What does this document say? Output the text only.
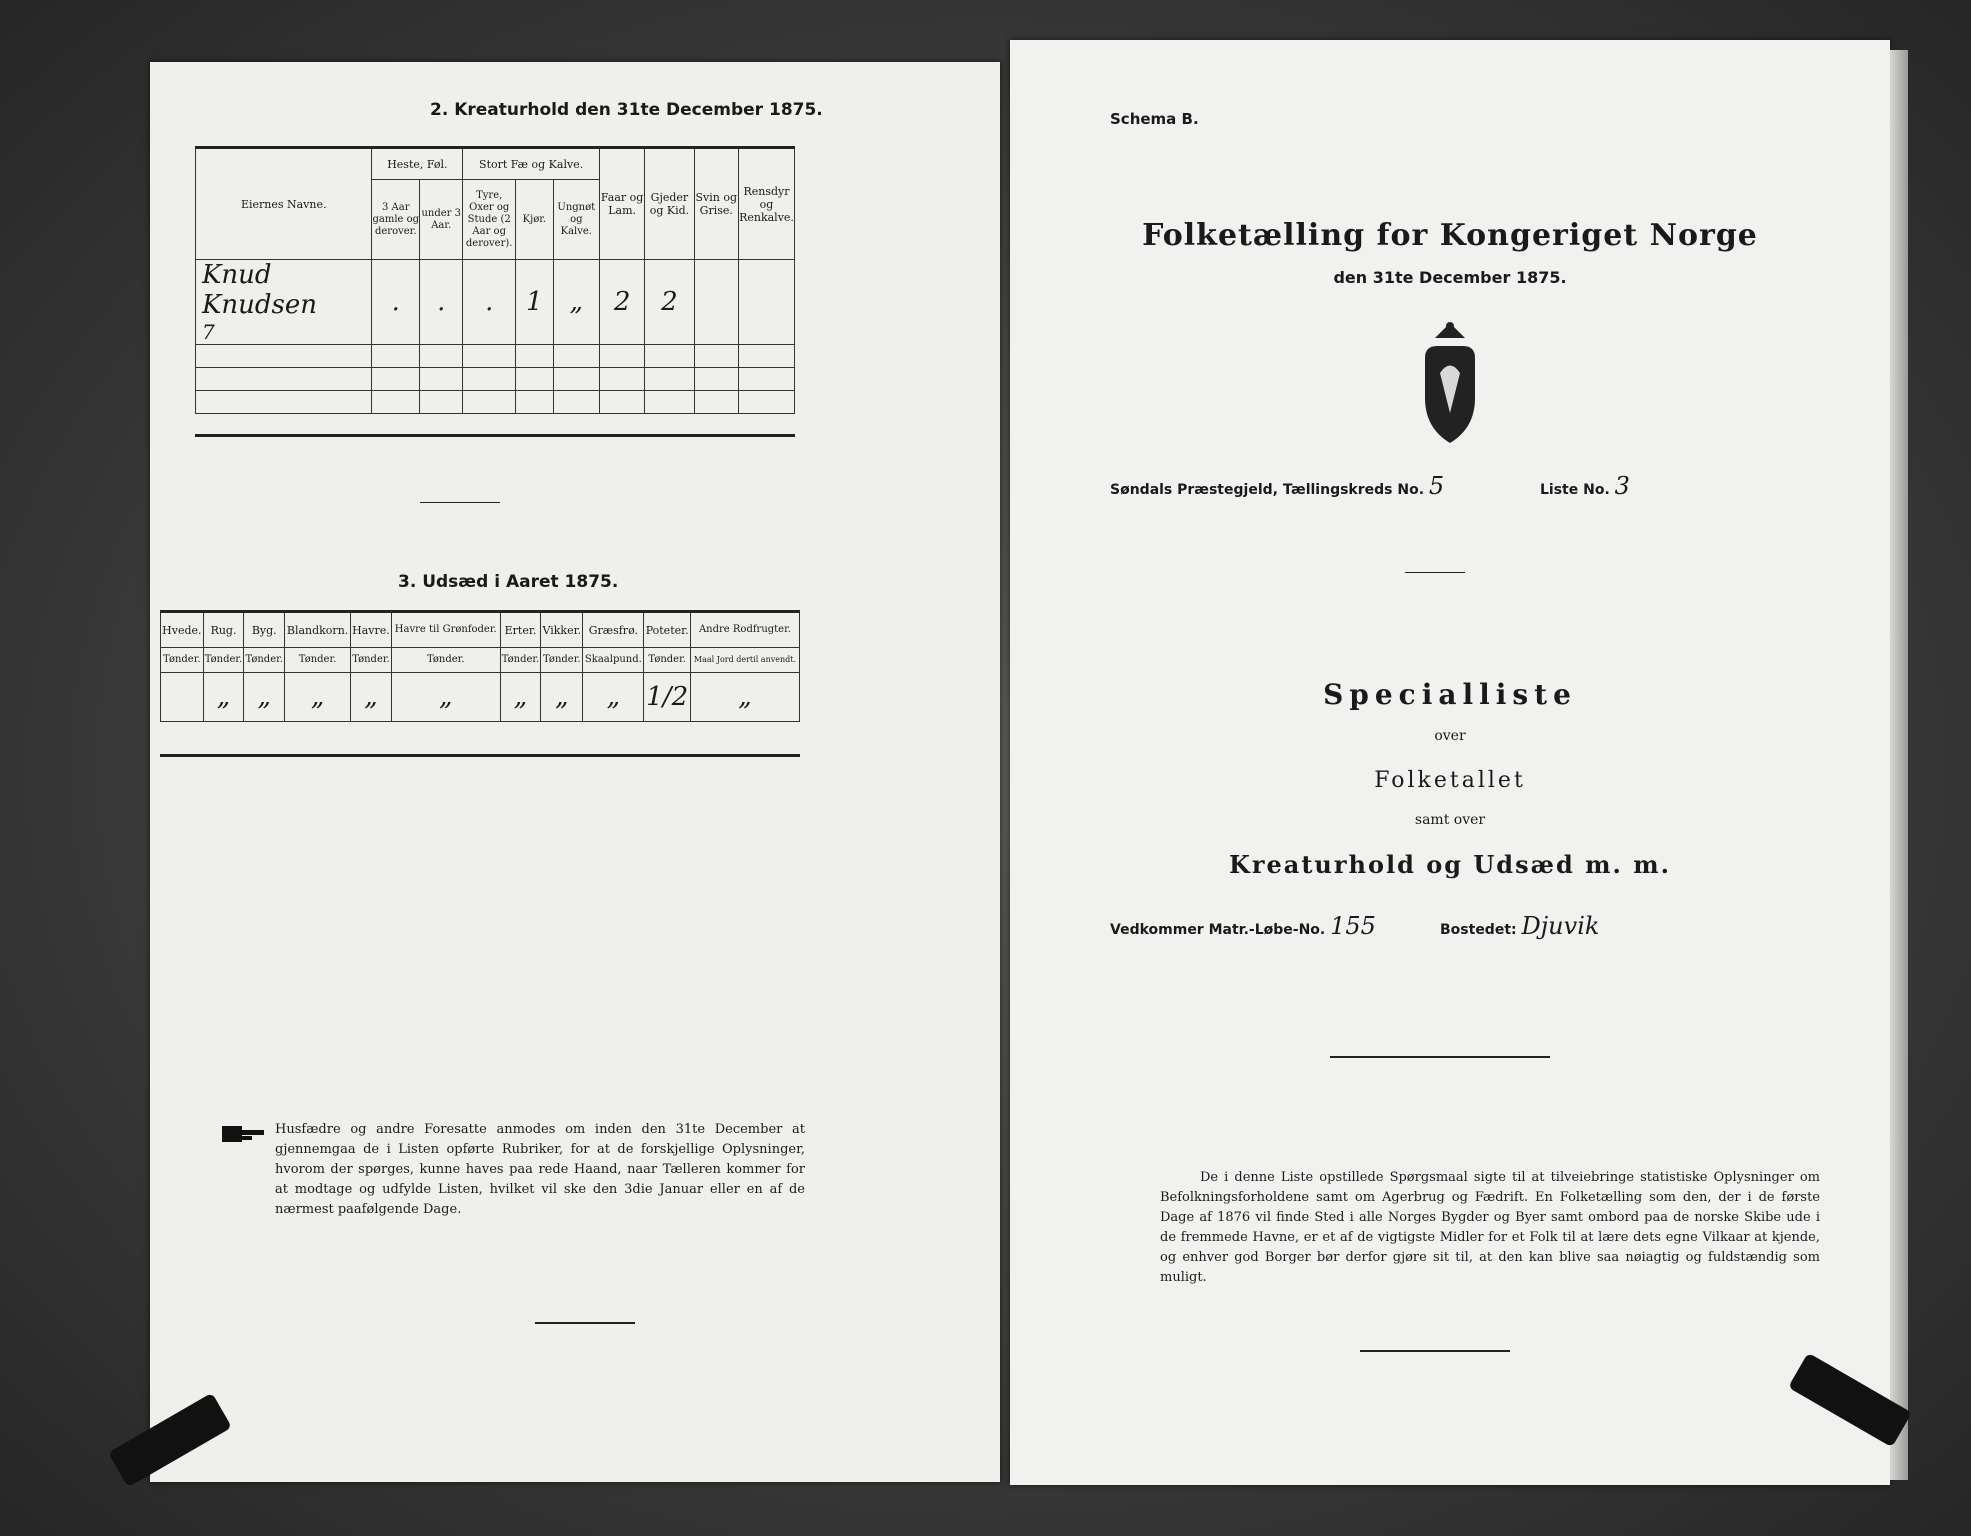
2. Kreaturhold den 31te December 1875.
Eiernes Navne.	Heste, Føl.		Stort Fæ og Kalve.			Faar og Lam.	Gjeder og Kid.	Svin og Grise.	Rensdyr og Renkalve.
	3 Aar gamle og derover.	under 3 Aar.	Tyre, Oxer og Stude (2 Aar og derover).	Kjør.	Ungnøt og Kalve.				

Knud Knudsen
7	.	.	.	1	„	2	2		

3. Udsæd i Aaret 1875.
Hvede.	Rug.	Byg.	Blandkorn.	Havre.	Havre til Grønfoder.	Erter.	Vikker.	Græsfrø.	Poteter.	Andre Rodfrugter.
Tønder.	Tønder.	Tønder.	Tønder.	Tønder.	Tønder.	Tønder.	Tønder.	Skaalpund.	Tønder.	Maal Jord dertil anvendt.
	„	„	„	„	„	„	„	„	1/2	„
Husfædre og andre Foresatte anmodes om inden den 31te December at gjennemgaa de i Listen opførte Rubriker, for at de forskjellige Oplysninger, hvorom der spørges, kunne haves paa rede Haand, naar Tælleren kommer for at modtage og udfylde Listen, hvilket vil ske den 3die Januar eller en af de nærmest paafølgende Dage.
Schema B.
Folketælling for Kongeriget Norge
den 31te December 1875.
Søndals Præstegjeld, Tællingskreds No. 5	Liste No. 3
Specialliste
over
Folketallet
samt over
Kreaturhold og Udsæd m. m.
Vedkommer Matr.-Løbe-No. 155	Bostedet: Djuvik
De i denne Liste opstillede Spørgsmaal sigte til at tilveiebringe statistiske Oplysninger om Befolkningsforholdene samt om Agerbrug og Fædrift. En Folketælling som den, der i de første Dage af 1876 vil finde Sted i alle Norges Bygder og Byer samt ombord paa de norske Skibe ude i de fremmede Havne, er et af de vigtigste Midler for et Folk til at lære dets egne Vilkaar at kjende, og enhver god Borger bør derfor gjøre sit til, at den kan blive saa nøiagtig og fuldstændig som muligt.
